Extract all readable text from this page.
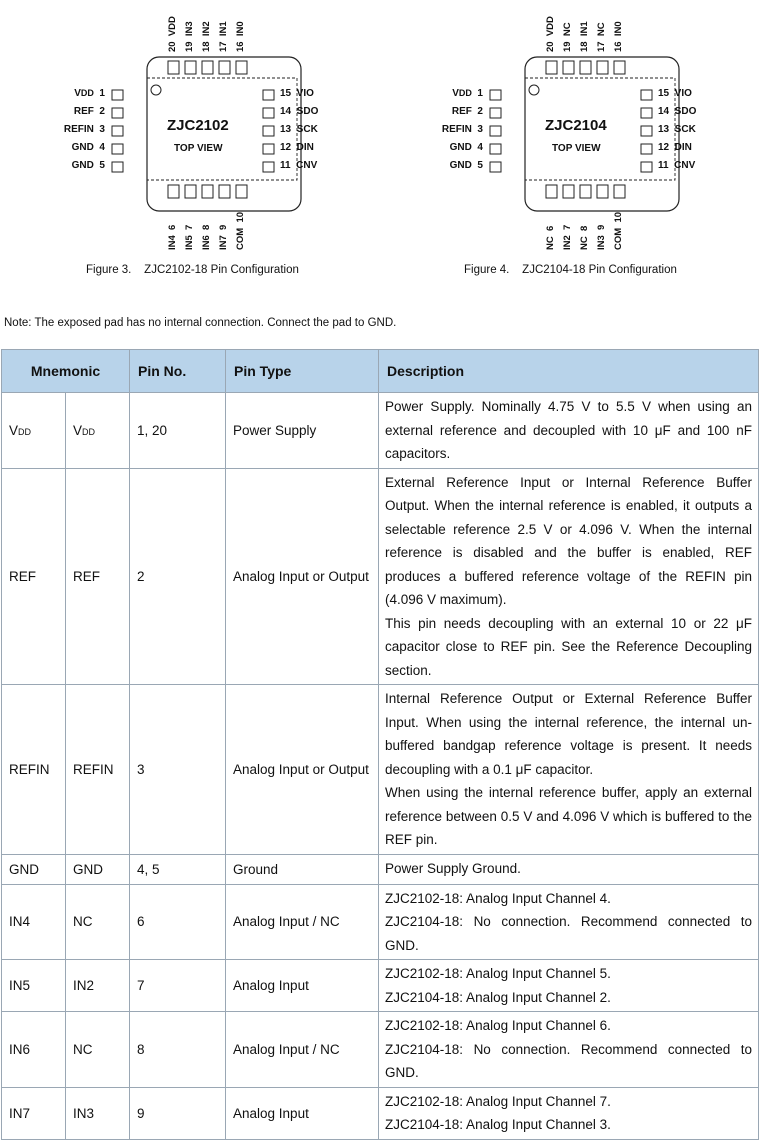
ZJC2102
TOP VIEW
VDD  1
REF  2
REFIN  3
GND  4
GND  5
15  VIO
14  SDO
13  SCK
12  DIN
11  CNV
20  VDD 19  IN3 18  IN2 17  IN1 16  IN0
IN4  6 IN5  7 IN6  8 IN7  9 COM  10
ZJC2104
TOP VIEW
VDD  1
REF  2
REFIN  3
GND  4
GND  5
15  VIO
14  SDO
13  SCK
12  DIN
11  CNV
20  VDD 19  NC 18  IN1 17  NC 16  IN0
NC  6 IN2  7 NC  8 IN3  9 COM  10
Figure 3. ZJC2102-18 Pin Configuration	Figure 4. ZJC2104-18 Pin Configuration
Note: The exposed pad has no internal connection. Connect the pad to GND.
Mnemonic		Pin No.	Pin Type	Description
VDD	VDD	1, 20	Power Supply	Power Supply. Nominally 4.75 V to 5.5 V when using an external reference and decoupled with 10 μF and 100 nF capacitors.

REF	REF	2	Analog Input or Output	External Reference Input or Internal Reference Buffer Output. When the internal reference is enabled, it outputs a selectable reference 2.5 V or 4.096 V. When the internal reference is disabled and the buffer is enabled, REF produces a buffered reference voltage of the REFIN pin (4.096 V maximum).
This pin needs decoupling with an external 10 or 22 μF capacitor close to REF pin. See the Reference Decoupling section.

REFIN	REFIN	3	Analog Input or Output	Internal Reference Output or External Reference Buffer Input. When using the internal reference, the internal un-buffered bandgap reference voltage is present. It needs decoupling with a 0.1 μF capacitor.
When using the internal reference buffer, apply an external reference between 0.5 V and 4.096 V which is buffered to the REF pin.

GND	GND	4, 5	Ground	Power Supply Ground.

IN4	NC	6	Analog Input / NC	ZJC2102-18: Analog Input Channel 4.
ZJC2104-18: No connection. Recommend connected to GND.

IN5	IN2	7	Analog Input	ZJC2102-18: Analog Input Channel 5.
ZJC2104-18: Analog Input Channel 2.

IN6	NC	8	Analog Input / NC	ZJC2102-18: Analog Input Channel 6.
ZJC2104-18: No connection. Recommend connected to GND.

IN7	IN3	9	Analog Input	ZJC2102-18: Analog Input Channel 7.
ZJC2104-18: Analog Input Channel 3.
